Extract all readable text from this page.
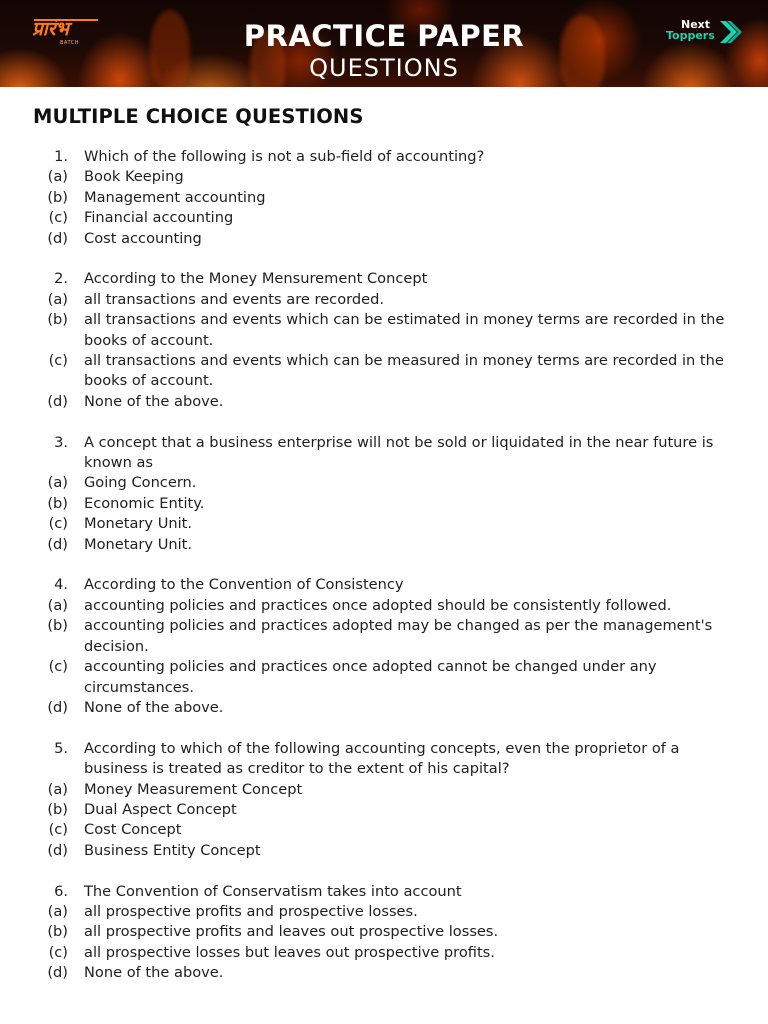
प्रारंभ
BATCH	PRACTICE PAPER
QUESTIONS
Next
Toppers
MULTIPLE CHOICE QUESTIONS
1. Which of the following is not a sub-field of accounting?
(a) Book Keeping
(b) Management accounting
(c) Financial accounting
(d) Cost accounting
2. According to the Money Mensurement Concept
(a) all transactions and events are recorded.
(b) all transactions and events which can be estimated in money terms are recorded in the books of account.
(c) all transactions and events which can be measured in money terms are recorded in the books of account.
(d) None of the above.
3. A concept that a business enterprise will not be sold or liquidated in the near future is known as
(a) Going Concern.
(b) Economic Entity.
(c) Monetary Unit.
(d) Monetary Unit.
4. According to the Convention of Consistency
(a) accounting policies and practices once adopted should be consistently followed.
(b) accounting policies and practices adopted may be changed as per the management's decision.
(c) accounting policies and practices once adopted cannot be changed under any circumstances.
(d) None of the above.
5. According to which of the following accounting concepts, even the proprietor of a business is treated as creditor to the extent of his capital?
(a) Money Measurement Concept
(b) Dual Aspect Concept
(c) Cost Concept
(d) Business Entity Concept
6. The Convention of Conservatism takes into account
(a) all prospective profits and prospective losses.
(b) all prospective profits and leaves out prospective losses.
(c) all prospective losses but leaves out prospective profits.
(d) None of the above.
